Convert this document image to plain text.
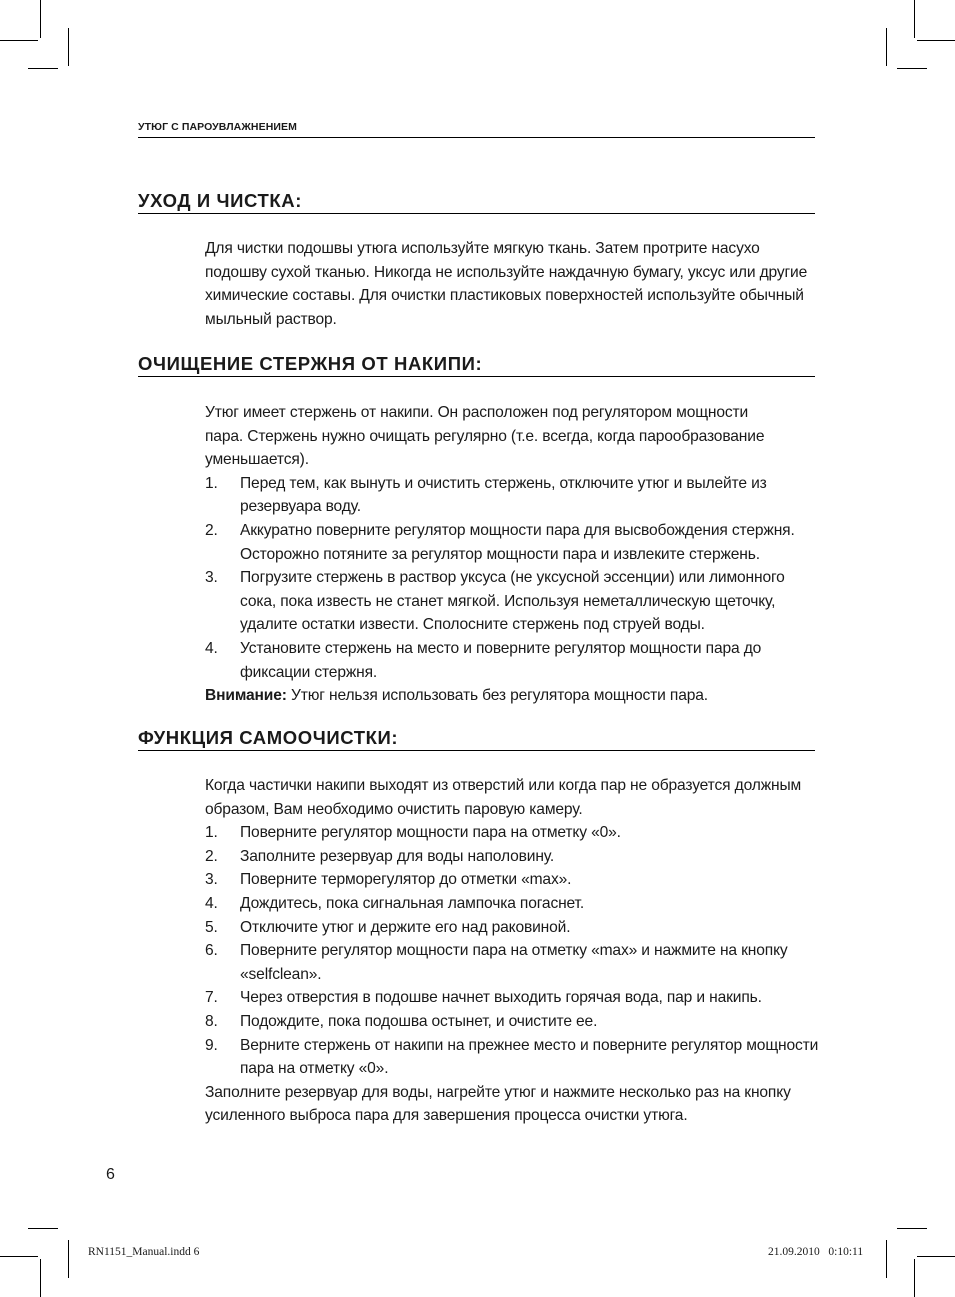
УТЮГ С ПАРОУВЛАЖНЕНИЕМ
УХОД И ЧИСТКА:

Для чистки подошвы утюга используйте мягкую ткань. Затем протрите насухо подошву сухой тканью. Никогда не используйте наждачную бумагу, уксус или другие химические составы. Для очистки пластиковых поверхностей используйте обычный мыльный раствор.

ОЧИЩЕНИЕ СТЕРЖНЯ ОТ НАКИПИ:

Утюг имеет стержень от накипи. Он расположен под регулятором мощности пара. Стержень нужно очищать регулярно (т.е. всегда, когда парообразование уменьшается).

1. Перед тем, как вынуть и очистить стержень, отключите утюг и вылейте из резервуара воду.
2. Аккуратно поверните регулятор мощности пара для высвобождения стержня. Осторожно потяните за регулятор мощности пара и извлеките стержень.
3. Погрузите стержень в раствор уксуса (не уксусной эссенции) или лимонного сока, пока известь не станет мягкой. Используя неметаллическую щеточку, удалите остатки извести. Сполосните стержень под струей воды.
4. Установите стержень на место и поверните регулятор мощности пара до фиксации стержня.

Внимание: Утюг нельзя использовать без регулятора мощности пара.

ФУНКЦИЯ САМООЧИСТКИ:

Когда частички накипи выходят из отверстий или когда пар не образуется должным образом, Вам необходимо очистить паровую камеру.

1. Поверните регулятор мощности пара на отметку «0».
2. Заполните резервуар для воды наполовину.
3. Поверните терморегулятор до отметки «max».
4. Дождитесь, пока сигнальная лампочка погаснет.
5. Отключите утюг и держите его над раковиной.
6. Поверните регулятор мощности пара на отметку «max» и нажмите на кнопку «selfclean».
7. Через отверстия в подошве начнет выходить горячая вода, пар и накипь.
8. Подождите, пока подошва остынет, и очистите ее.
9. Верните стержень от накипи на прежнее место и поверните регулятор мощности пара на отметку «0».

Заполните резервуар для воды, нагрейте утюг и нажмите несколько раз на кнопку усиленного выброса пара для завершения процесса очистки утюга.

6
RN1151_Manual.indd 6	21.09.2010   0:10:11
